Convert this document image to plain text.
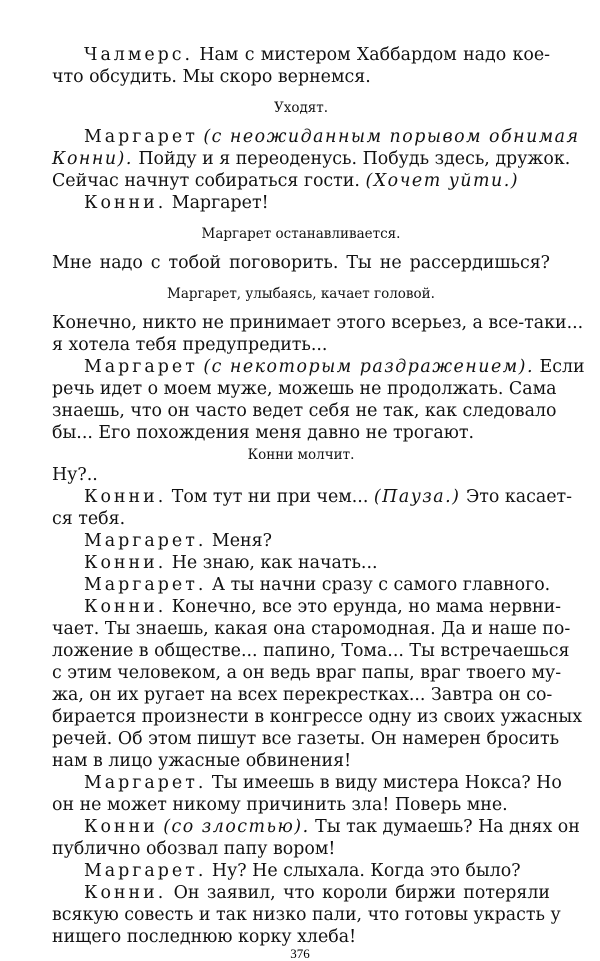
Чалмерс. Нам с мистером Хаббардом надо кое-
что обсудить. Мы скоро вернемся.
Уходят.
Маргарет (с неожиданным порывом обнимая
Конни). Пойду и я переоденусь. Побудь здесь, дружок.
Сейчас начнут собираться гости. (Хочет уйти.)
Конни. Маргарет!
Маргарет останавливается.
Мне надо с тобой поговорить. Ты не рассердишься?
Маргарет, улыбаясь, качает головой.
Конечно, никто не принимает этого всерьез, а все-таки...
я хотела тебя предупредить...
Маргарет (с некоторым раздражением). Если
речь идет о моем муже, можешь не продолжать. Сама
знаешь, что он часто ведет себя не так, как следовало
бы... Его похождения меня давно не трогают.
Конни молчит.
Ну?..
Конни. Том тут ни при чем... (Пауза.) Это касает-
ся тебя.
Маргарет. Меня?
Конни. Не знаю, как начать...
Маргарет. А ты начни сразу с самого главного.
Конни. Конечно, все это ерунда, но мама нервни-
чает. Ты знаешь, какая она старомодная. Да и наше по-
ложение в обществе... папино, Тома... Ты встречаешься
с этим человеком, а он ведь враг папы, враг твоего му-
жа, он их ругает на всех перекрестках... Завтра он со-
бирается произнести в конгрессе одну из своих ужасных
речей. Об этом пишут все газеты. Он намерен бросить
нам в лицо ужасные обвинения!
Маргарет. Ты имеешь в виду мистера Нокса? Но
он не может никому причинить зла! Поверь мне.
Конни (со злостью). Ты так думаешь? На днях он
публично обозвал папу вором!
Маргарет. Ну? Не слыхала. Когда это было?
Конни. Он заявил, что короли биржи потеряли
всякую совесть и так низко пали, что готовы украсть у
нищего последнюю корку хлеба!
376
